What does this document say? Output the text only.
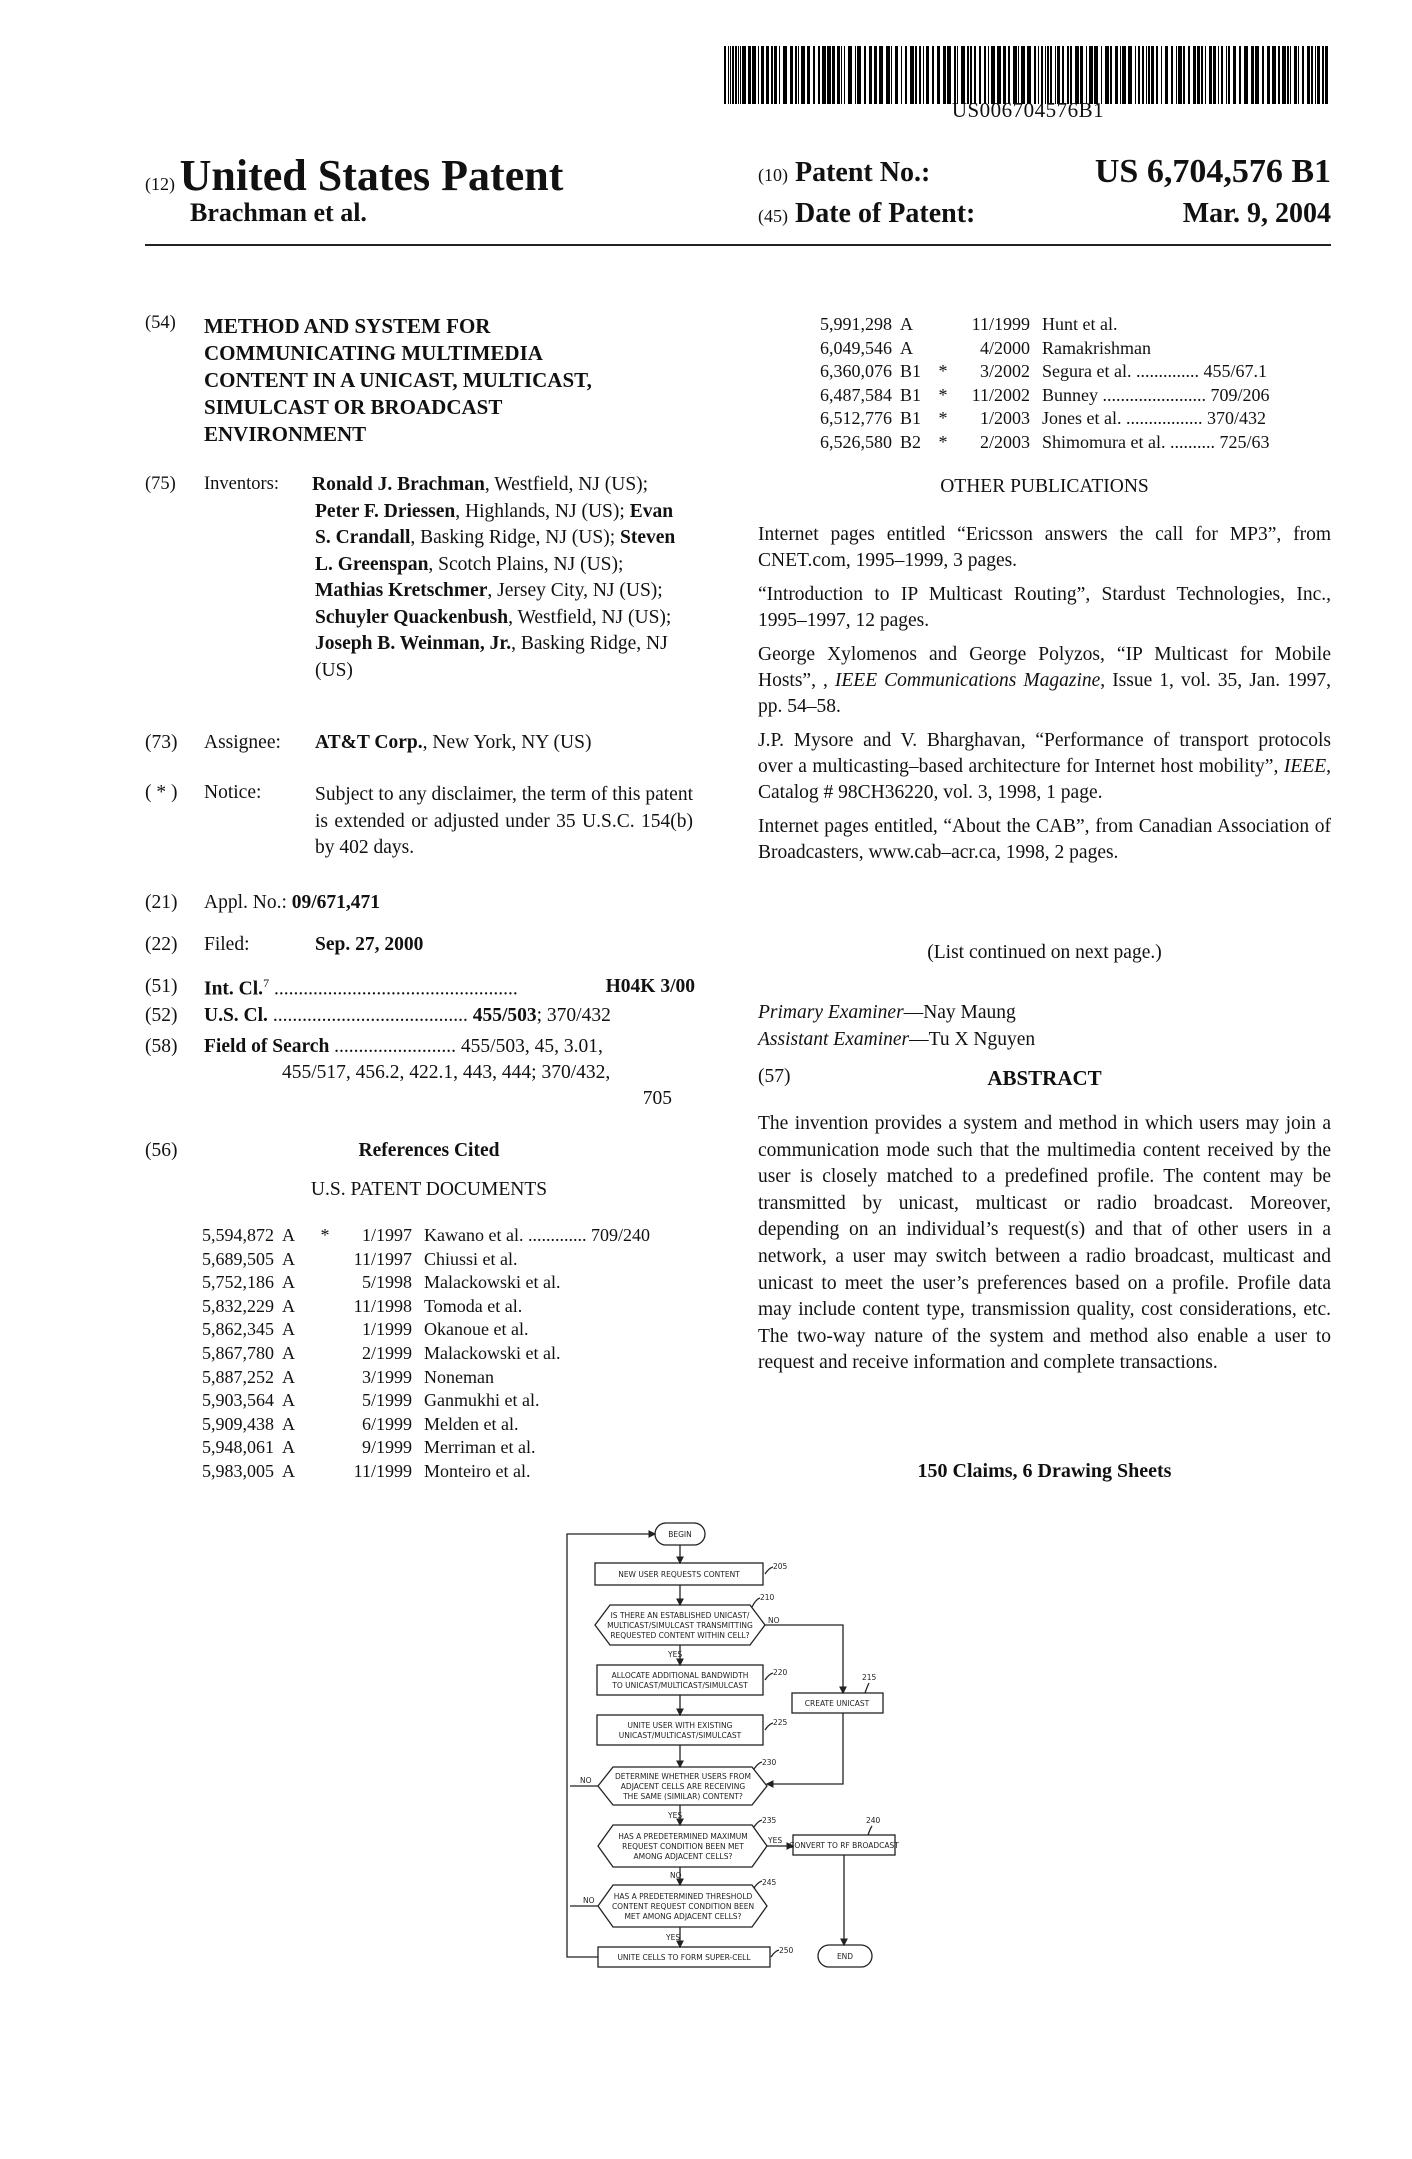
US006704576B1
(12) United States Patent
Brachman et al.
(10) Patent No.:	US 6,704,576 B1
(45) Date of Patent:	Mar. 9, 2004
(54) METHOD AND SYSTEM FOR
COMMUNICATING MULTIMEDIA
CONTENT IN A UNICAST, MULTICAST,
SIMULCAST OR BROADCAST
ENVIRONMENT
(75) Inventors: Ronald J. Brachman, Westfield, NJ (US); Peter F. Driessen, Highlands, NJ (US); Evan S. Crandall, Basking Ridge, NJ (US); Steven L. Greenspan, Scotch Plains, NJ (US); Mathias Kretschmer, Jersey City, NJ (US); Schuyler Quackenbush, Westfield, NJ (US); Joseph B. Weinman, Jr., Basking Ridge, NJ (US)
(73) Assignee: AT&T Corp., New York, NY (US)
( * ) Notice:	Subject to any disclaimer, the term of this patent is extended or adjusted under 35 U.S.C. 154(b) by 402 days.
(21) Appl. No.: 09/671,471
(22) Filed:	Sep. 27, 2000
(51) Int. Cl.$^7$ ..................................................	H04K 3/00
(52) U.S. Cl. ........................................ 455/503; 370/432
(58) Field of Search ......................... 455/503, 45, 3.01,
455/517, 456.2, 422.1, 443, 444; 370/432,
705
(56)	References Cited
U.S. PATENT DOCUMENTS
5,594,872	A	*	1/1997	Kawano et al. ............. 709/240
5,689,505	A		11/1997	Chiussi et al.
5,752,186	A		5/1998	Malackowski et al.
5,832,229	A		11/1998	Tomoda et al.
5,862,345	A		1/1999	Okanoue et al.
5,867,780	A		2/1999	Malackowski et al.
5,887,252	A		3/1999	Noneman
5,903,564	A		5/1999	Ganmukhi et al.
5,909,438	A		6/1999	Melden et al.
5,948,061	A		9/1999	Merriman et al.
5,983,005	A		11/1999	Monteiro et al.
5,991,298	A		11/1999	Hunt et al.
6,049,546	A		4/2000	Ramakrishman
6,360,076	B1	*	3/2002	Segura et al. .............. 455/67.1
6,487,584	B1	*	11/2002	Bunney ....................... 709/206
6,512,776	B1	*	1/2003	Jones et al. ................. 370/432
6,526,580	B2	*	2/2003	Shimomura et al. .......... 725/63
OTHER PUBLICATIONS

Internet pages entitled “Ericsson answers the call for MP3”, from CNET.com, 1995–1999, 3 pages.

“Introduction to IP Multicast Routing”, Stardust Technologies, Inc., 1995–1997, 12 pages.

George Xylomenos and George Polyzos, “IP Multicast for Mobile Hosts”, , IEEE Communications Magazine, Issue 1, vol. 35, Jan. 1997, pp. 54–58.

J.P. Mysore and V. Bharghavan, “Performance of transport protocols over a multicasting–based architecture for Internet host mobility”, IEEE, Catalog # 98CH36220, vol. 3, 1998, 1 page.

Internet pages entitled, “About the CAB”, from Canadian Association of Broadcasters, www.cab–acr.ca, 1998, 2 pages.

(List continued on next page.)
Primary Examiner—Nay Maung
Assistant Examiner—Tu X Nguyen
(57)	ABSTRACT
The invention provides a system and method in which users may join a communication mode such that the multimedia content received by the user is closely matched to a predefined profile. The content may be transmitted by unicast, multicast or radio broadcast. Moreover, depending on an individual’s request(s) and that of other users in a network, a user may switch between a radio broadcast, multicast and unicast to meet the user’s preferences based on a profile. Profile data may include content type, transmission quality, cost considerations, etc. The two-way nature of the system and method also enable a user to request and receive information and complete transactions.
150 Claims, 6 Drawing Sheets
BEGIN
NEW USER REQUESTS CONTENT
IS THERE AN ESTABLISHED UNICAST/
MULTICAST/SIMULCAST TRANSMITTING
REQUESTED CONTENT WITHIN CELL?
ALLOCATE ADDITIONAL BANDWIDTH
TO UNICAST/MULTICAST/SIMULCAST
CREATE UNICAST
UNITE USER WITH EXISTING
UNICAST/MULTICAST/SIMULCAST
DETERMINE WHETHER USERS FROM
ADJACENT CELLS ARE RECEIVING
THE SAME (SIMILAR) CONTENT?
HAS A PREDETERMINED MAXIMUM
REQUEST CONDITION BEEN MET
AMONG ADJACENT CELLS?
CONVERT TO RF BROADCAST
HAS A PREDETERMINED THRESHOLD
CONTENT REQUEST CONDITION BEEN
MET AMONG ADJACENT CELLS?
UNITE CELLS TO FORM SUPER-CELL	END
YES
NO
YES
NO
YES
NO
NO
YES
205
210
220
215
225
230
235	240
245
250
